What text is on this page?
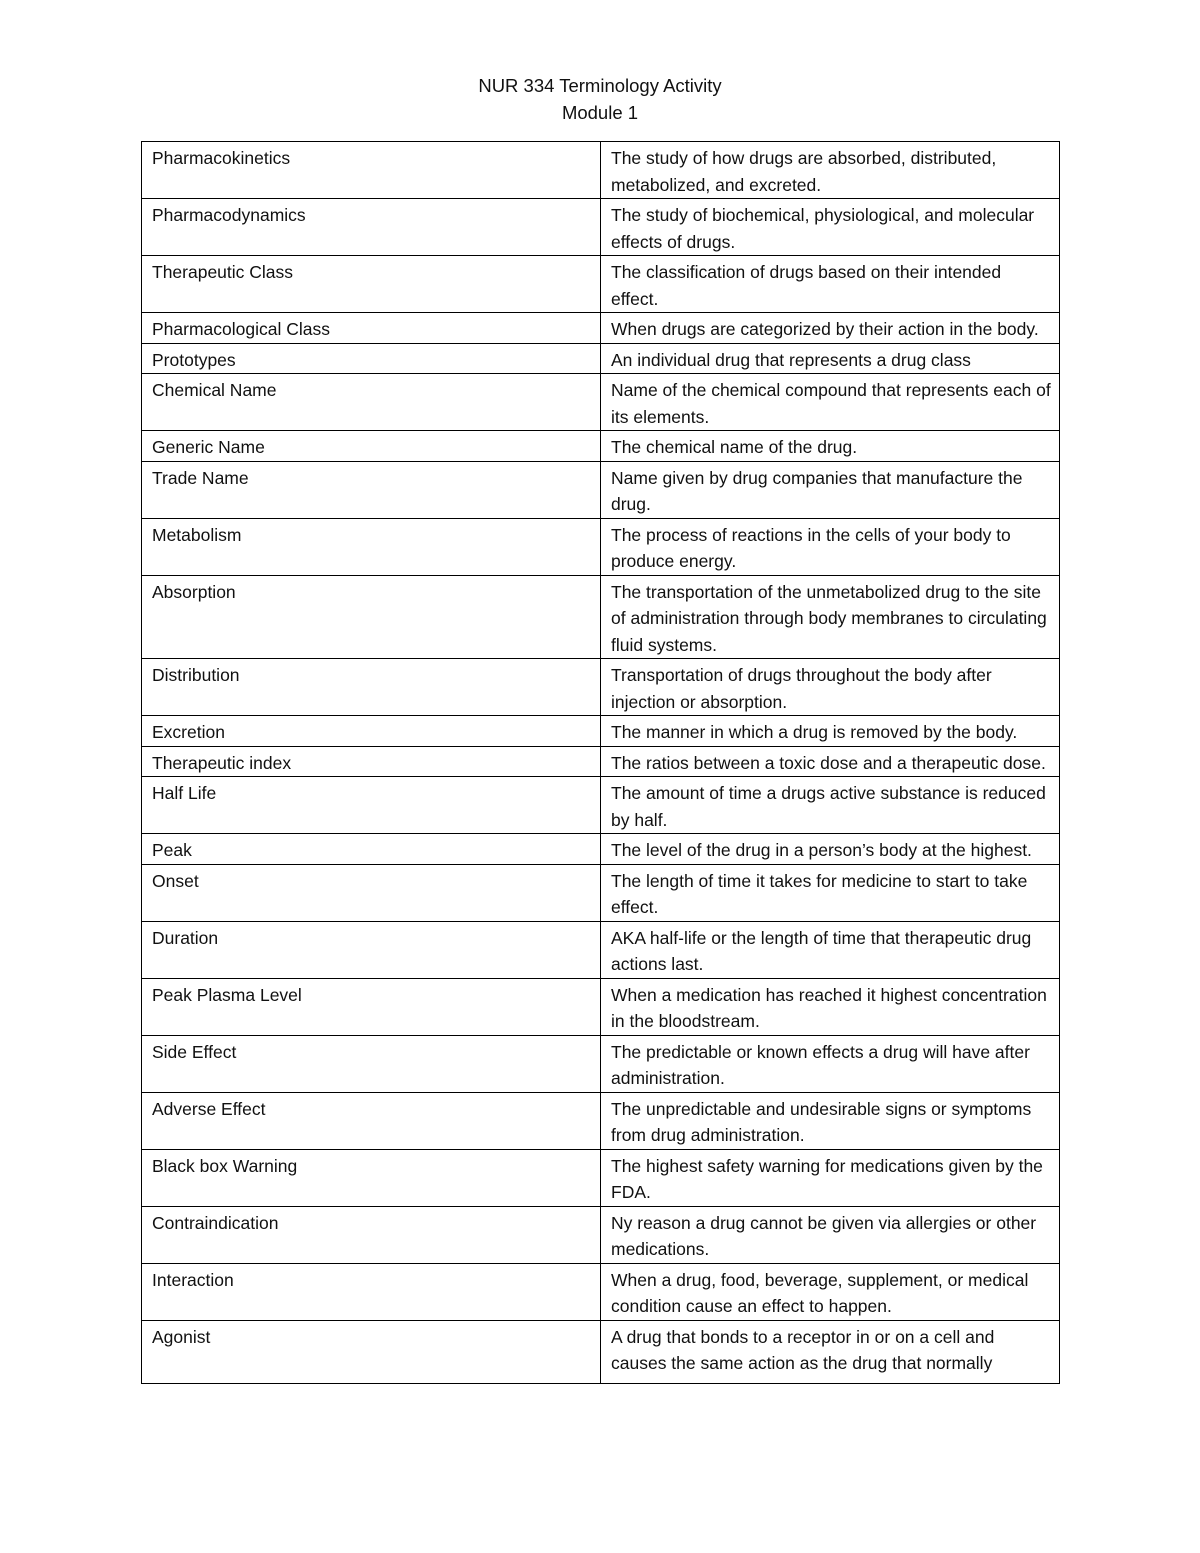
NUR 334 Terminology Activity
Module 1
Pharmacokinetics	The study of how drugs are absorbed, distributed, metabolized, and excreted.
Pharmacodynamics	The study of biochemical, physiological, and molecular effects of drugs.
Therapeutic Class	The classification of drugs based on their intended effect.
Pharmacological Class	When drugs are categorized by their action in the body.
Prototypes	An individual drug that represents a drug class
Chemical Name	Name of the chemical compound that represents each of its elements.
Generic Name	The chemical name of the drug.
Trade Name	Name given by drug companies that manufacture the drug.
Metabolism	The process of reactions in the cells of your body to produce energy.
Absorption	The transportation of the unmetabolized drug to the site of administration through body membranes to circulating fluid systems.
Distribution	Transportation of drugs throughout the body after injection or absorption.
Excretion	The manner in which a drug is removed by the body.
Therapeutic index	The ratios between a toxic dose and a therapeutic dose.
Half Life	The amount of time a drugs active substance is reduced by half.
Peak	The level of the drug in a person’s body at the highest.
Onset	The length of time it takes for medicine to start to take effect.
Duration	AKA half-life or the length of time that therapeutic drug actions last.
Peak Plasma Level	When a medication has reached it highest concentration in the bloodstream.
Side Effect	The predictable or known effects a drug will have after administration.
Adverse Effect	The unpredictable and undesirable signs or symptoms from drug administration.
Black box Warning	The highest safety warning for medications given by the FDA.
Contraindication	Ny reason a drug cannot be given via allergies or other medications.
Interaction	When a drug, food, beverage, supplement, or medical condition cause an effect to happen.
Agonist	A drug that bonds to a receptor in or on a cell and causes the same action as the drug that normally
